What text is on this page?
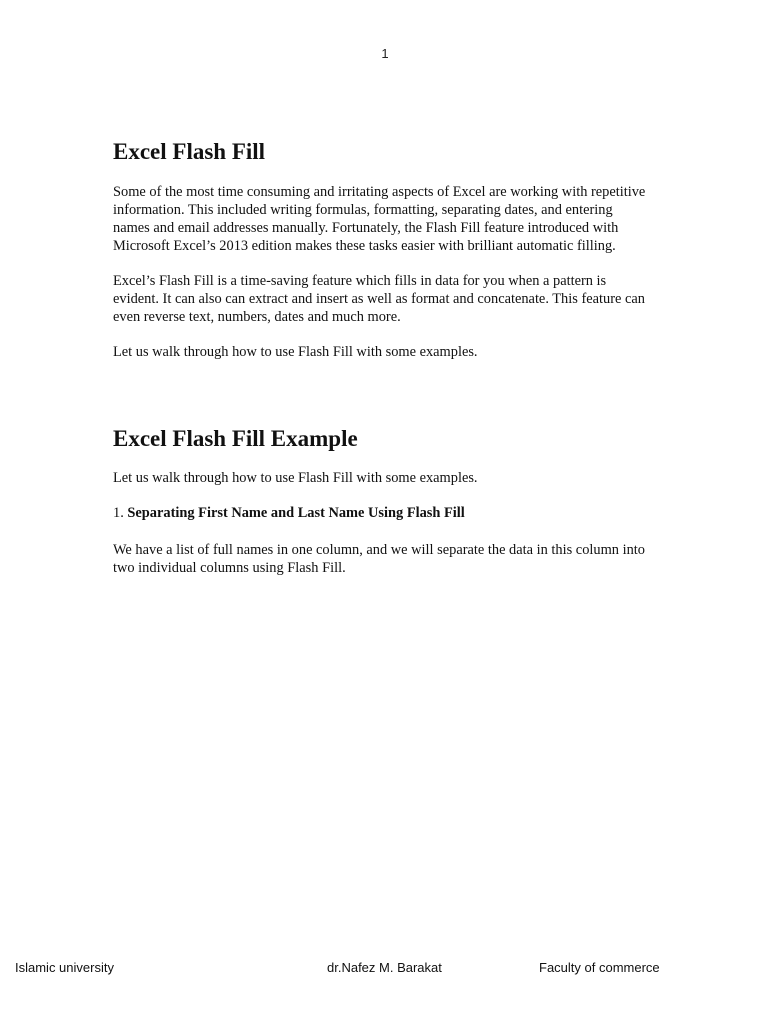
1
Excel Flash Fill

Some of the most time consuming and irritating aspects of Excel are working with repetitive information. This included writing formulas, formatting, separating dates, and entering names and email addresses manually. Fortunately, the Flash Fill feature introduced with Microsoft Excel’s 2013 edition makes these tasks easier with brilliant automatic filling.

Excel’s Flash Fill is a time-saving feature which fills in data for you when a pattern is evident. It can also can extract and insert as well as format and concatenate. This feature can even reverse text, numbers, dates and much more.

Let us walk through how to use Flash Fill with some examples.

Excel Flash Fill Example

Let us walk through how to use Flash Fill with some examples.

1. Separating First Name and Last Name Using Flash Fill

We have a list of full names in one column, and we will separate the data in this column into two individual columns using Flash Fill.

Islamic university	dr.Nafez M. Barakat	Faculty of commerce
